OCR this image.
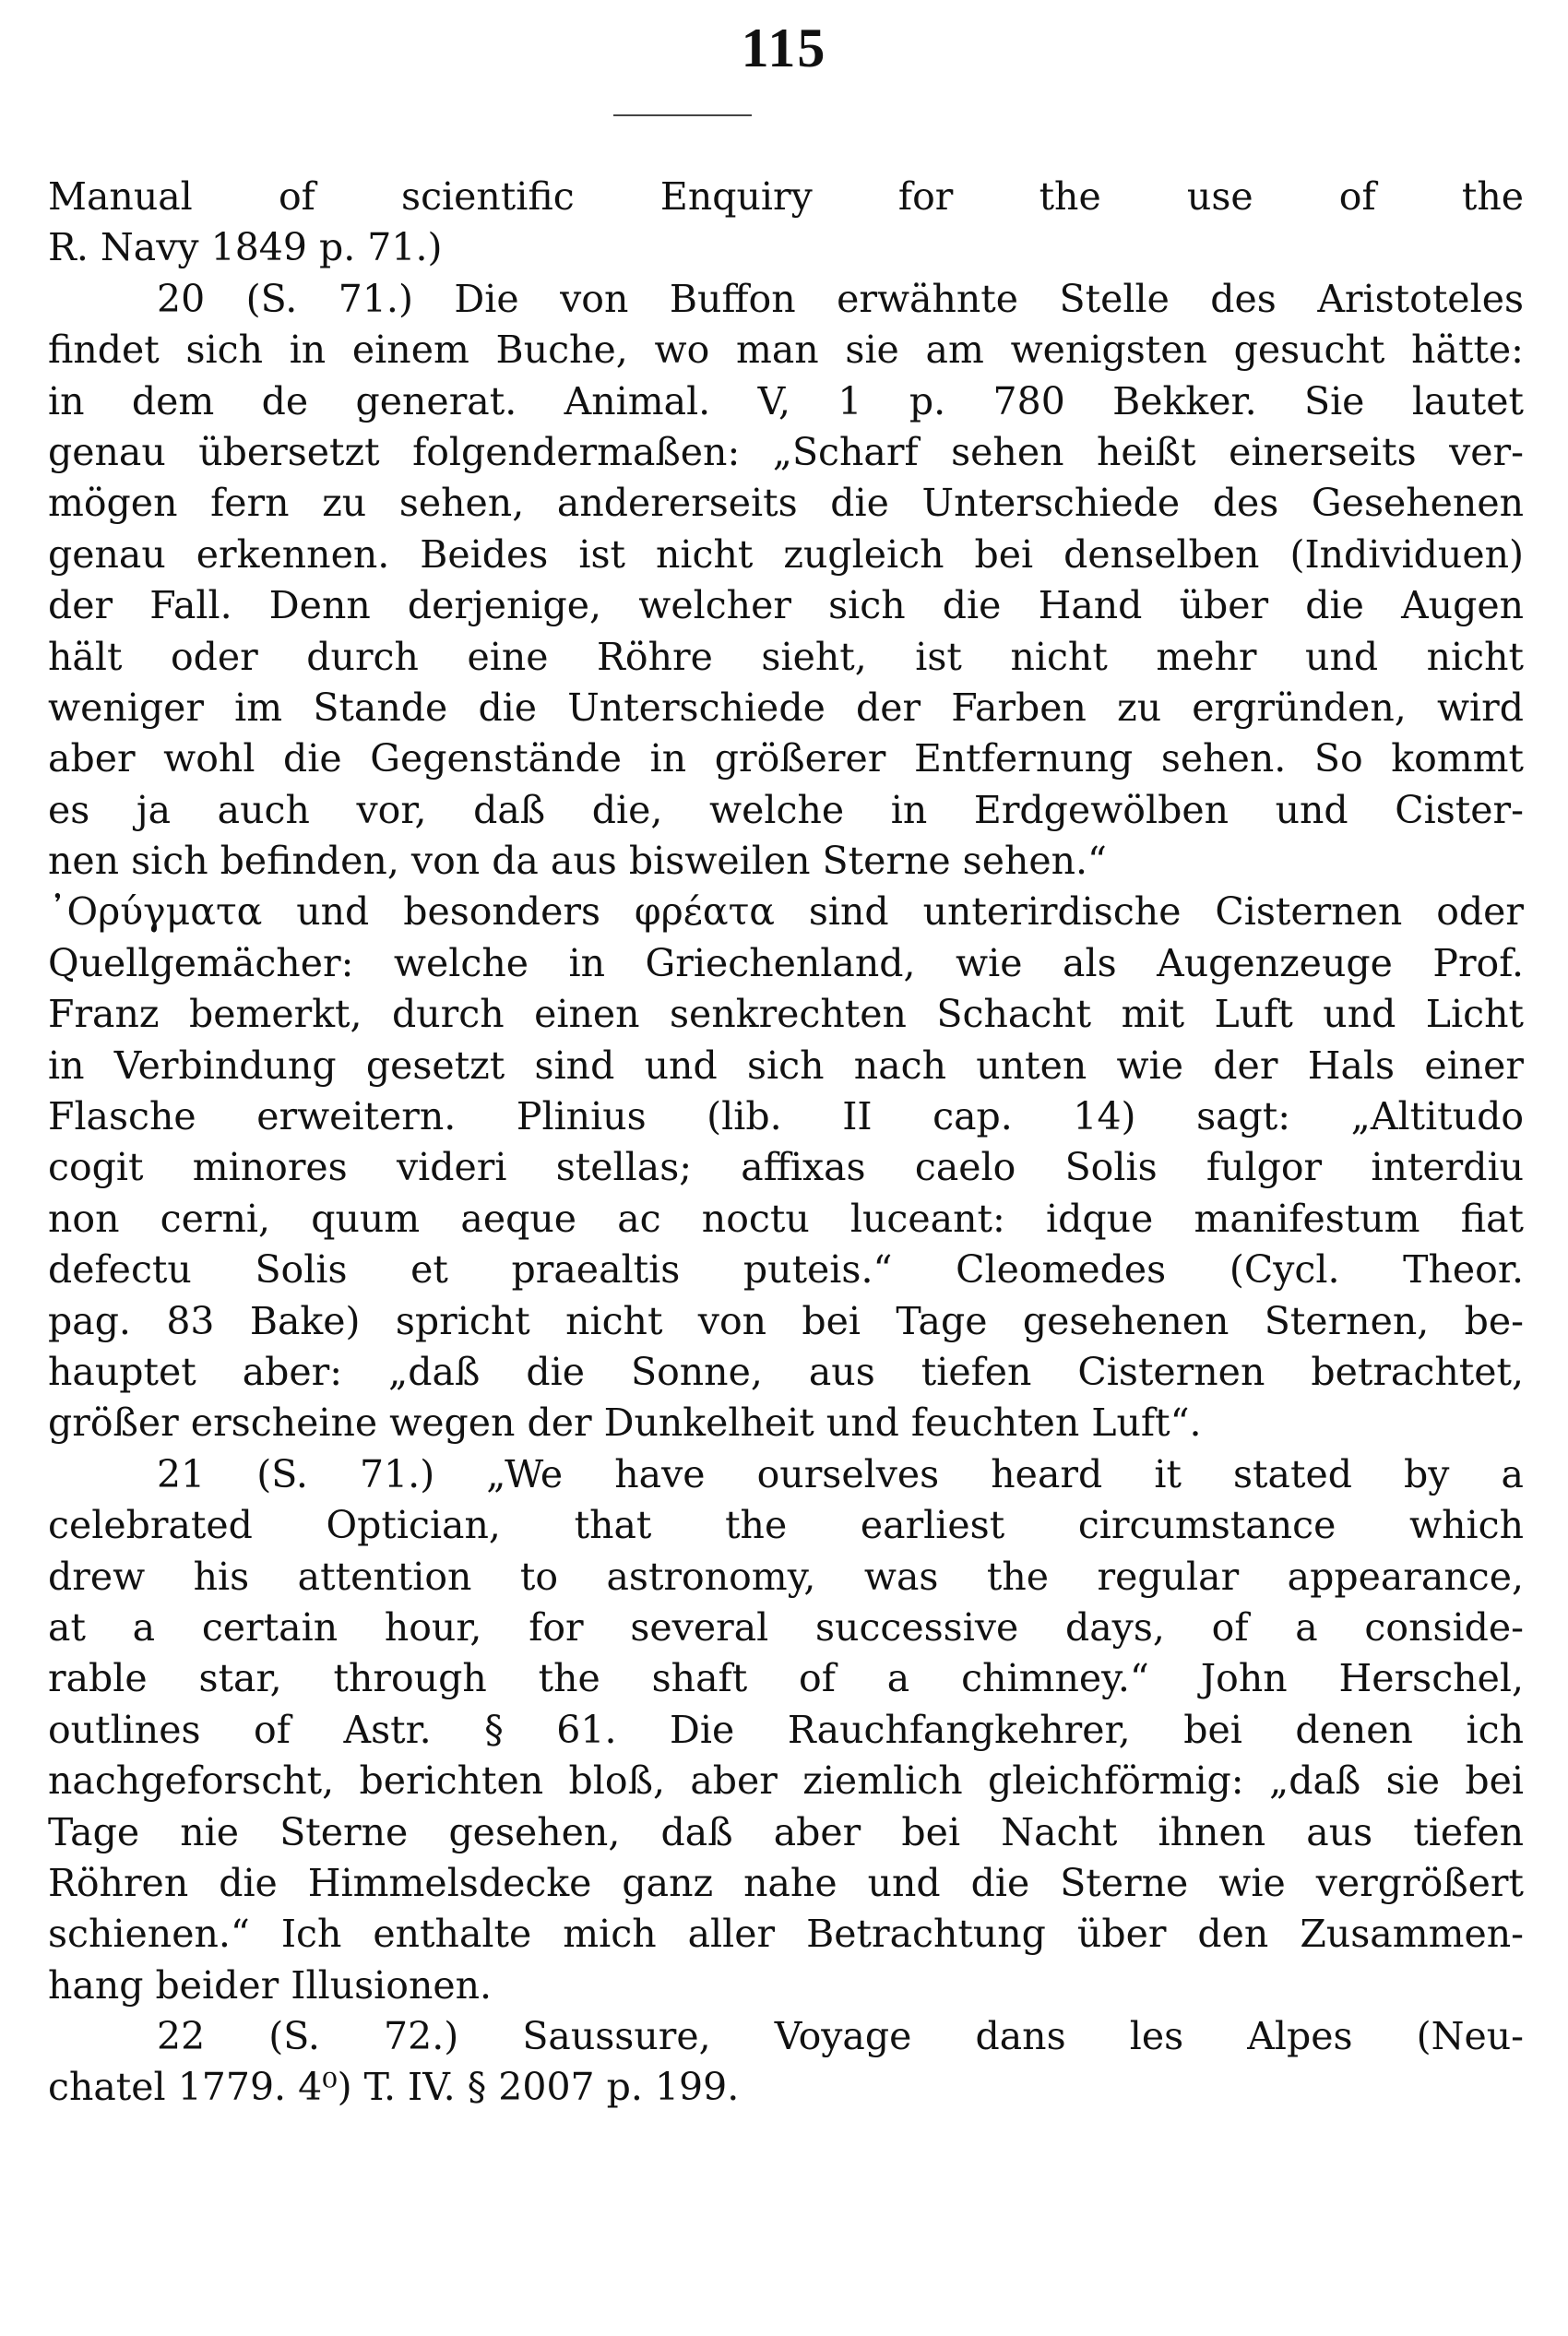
115
Manual of scientific Enquiry for the use of the
R. Navy 1849 p. 71.)
20 (S. 71.) Die von Buffon erwähnte Stelle des Aristoteles
findet sich in einem Buche, wo man sie am wenigsten gesucht hätte:
in dem de generat. Animal. V, 1 p. 780 Bekker. Sie lautet
genau übersetzt folgendermaßen: „Scharf sehen heißt einerseits ver-
mögen fern zu sehen, andererseits die Unterschiede des Gesehenen
genau erkennen. Beides ist nicht zugleich bei denselben (Individuen)
der Fall. Denn derjenige, welcher sich die Hand über die Augen
hält oder durch eine Röhre sieht, ist nicht mehr und nicht
weniger im Stande die Unterschiede der Farben zu ergründen, wird
aber wohl die Gegenstände in größerer Entfernung sehen. So kommt
es ja auch vor, daß die, welche in Erdgewölben und Cister-
nen sich befinden, von da aus bisweilen Sterne sehen.“
᾿Ορύγματα und besonders φρέατα sind unterirdische Cisternen oder
Quellgemächer: welche in Griechenland, wie als Augenzeuge Prof.
Franz bemerkt, durch einen senkrechten Schacht mit Luft und Licht
in Verbindung gesetzt sind und sich nach unten wie der Hals einer
Flasche erweitern. Plinius (lib. II cap. 14) sagt: „Altitudo
cogit minores videri stellas; affixas caelo Solis fulgor interdiu
non cerni, quum aeque ac noctu luceant: idque manifestum fiat
defectu Solis et praealtis puteis.“ Cleomedes (Cycl. Theor.
pag. 83 Bake) spricht nicht von bei Tage gesehenen Sternen, be-
hauptet aber: „daß die Sonne, aus tiefen Cisternen betrachtet,
größer erscheine wegen der Dunkelheit und feuchten Luft“.
21 (S. 71.) „We have ourselves heard it stated by a
celebrated Optician, that the earliest circumstance which
drew his attention to astronomy, was the regular appearance,
at a certain hour, for several successive days, of a conside-
rable star, through the shaft of a chimney.“ John Herschel,
outlines of Astr. § 61. Die Rauchfangkehrer, bei denen ich
nachgeforscht, berichten bloß, aber ziemlich gleichförmig: „daß sie bei
Tage nie Sterne gesehen, daß aber bei Nacht ihnen aus tiefen
Röhren die Himmelsdecke ganz nahe und die Sterne wie vergrößert
schienen.“ Ich enthalte mich aller Betrachtung über den Zusammen-
hang beider Illusionen.
22 (S. 72.) Saussure, Voyage dans les Alpes (Neu-
chatel 1779. 4⁰) T. IV. § 2007 p. 199.
